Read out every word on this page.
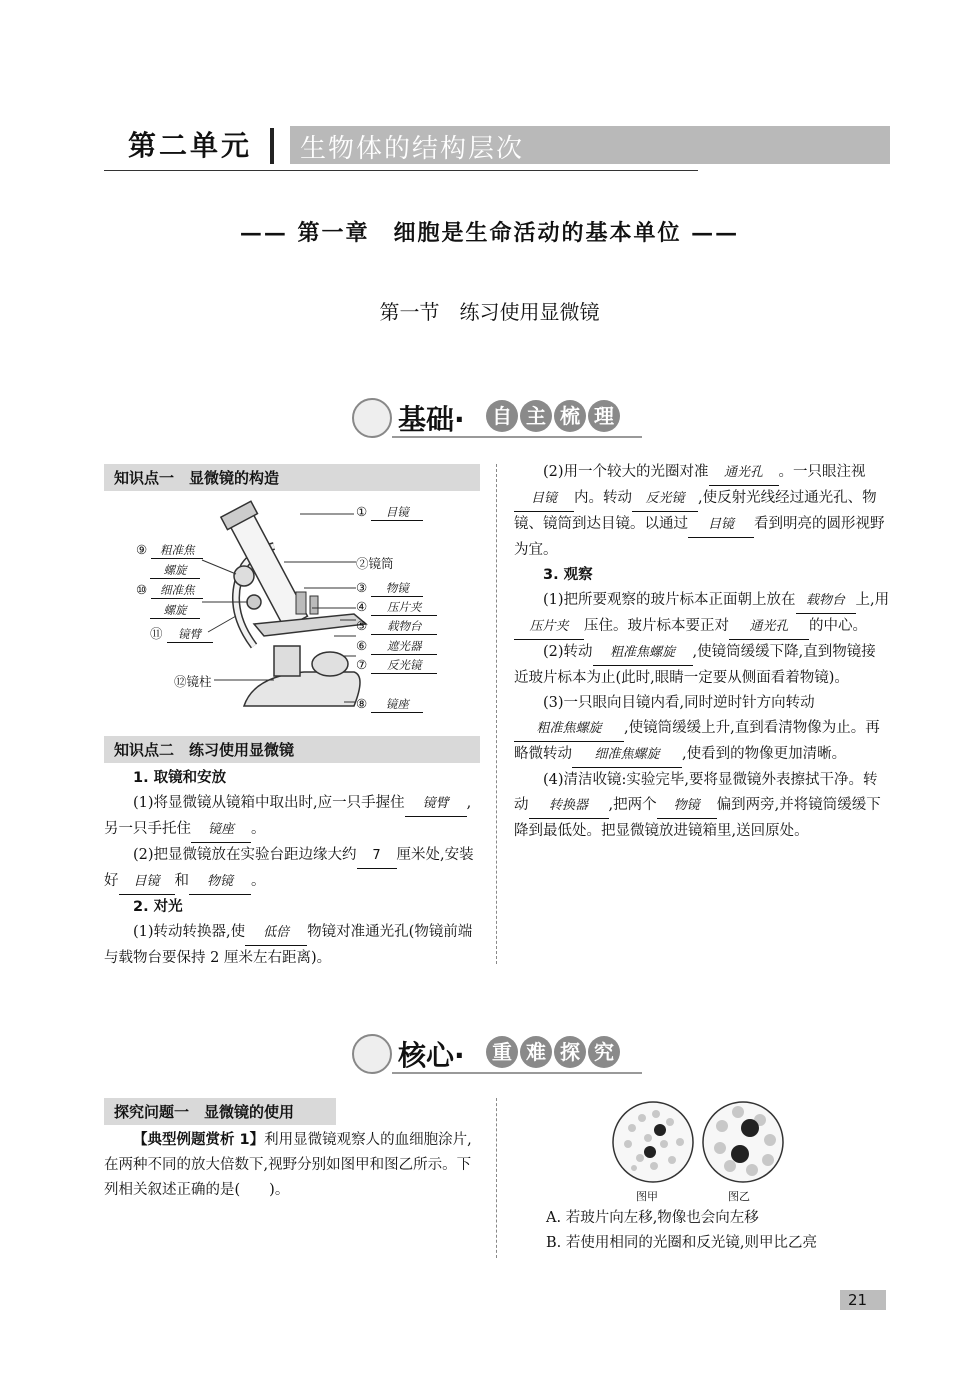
第二单元 生物体的结构层次
—— 第一章　细胞是生命活动的基本单位 ——
第一节　练习使用显微镜
基础·	自 主 梳 理
知识点一　显微镜的构造
① 目镜
②镜筒
③ 物镜
④ 压片夹
⑤ 载物台
⑥ 遮光器
⑦ 反光镜
⑧ 镜座
⑨ 粗准焦
螺旋
⑩ 细准焦
螺旋
⑪ 镜臂
⑫镜柱
知识点二　练习使用显微镜

1. 取镜和安放

(1)将显微镜从镜箱中取出时,应一只手握住 镜臂 ,另一只手托住 镜座 。

(2)把显微镜放在实验台距边缘大约 7 厘米处,安装好 目镜 和 物镜 。

2. 对光

(1)转动转换器,使 低倍 物镜对准通光孔(物镜前端与载物台要保持 2 厘米左右距离)。

(2)用一个较大的光圈对准 通光孔 。一只眼注视目镜 内。转动 反光镜 ,使反射光线经过通光孔、物镜、镜筒到达目镜。以通过 目镜 看到明亮的圆形视野为宜。

3. 观察

(1)把所要观察的玻片标本正面朝上放在 载物台 上,用压片夹 压住。玻片标本要正对 通光孔 的中心。

(2)转动 粗准焦螺旋 ,使镜筒缓缓下降,直到物镜接近玻片标本为止(此时,眼睛一定要从侧面看着物镜)。

(3)一只眼向目镜内看,同时逆时针方向转动粗准焦螺旋 ,使镜筒缓缓上升,直到看清物像为止。再略微转动 细准焦螺旋 ,使看到的物像更加清晰。

(4)清洁收镜:实验完毕,要将显微镜外表擦拭干净。转动 转换器 ,把两个 物镜 偏到两旁,并将镜筒缓缓下降到最低处。把显微镜放进镜箱里,送回原处。

核心·	重 难 探 究
探究问题一　显微镜的使用

【典型例题赏析 1】利用显微镜观察人的血细胞涂片,在两种不同的放大倍数下,视野分别如图甲和图乙所示。下列相关叙述正确的是(　　)。	图甲	图乙

A. 若玻片向左移,物像也会向左移

B. 若使用相同的光圈和反光镜,则甲比乙亮

21
